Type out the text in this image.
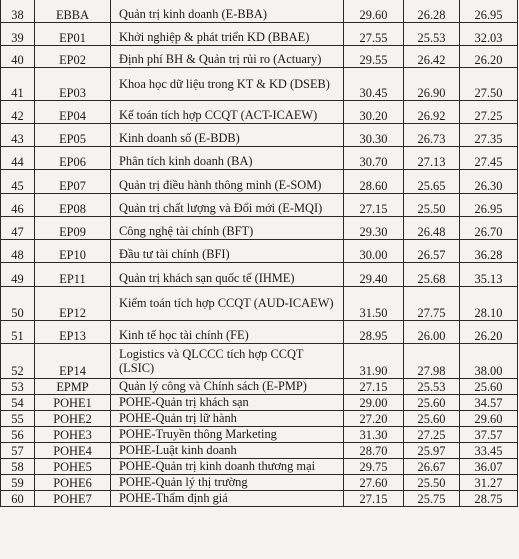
38	EBBA	Quản trị kinh doanh (E-BBA)	29.60	26.28	26.95
39	EP01	Khởi nghiệp & phát triển KD (BBAE)	27.55	25.53	32.03
40	EP02	Định phí BH & Quản trị rủi ro (Actuary)	29.55	26.42	26.20
41	EP03	Khoa học dữ liệu trong KT & KD (DSEB)	30.45	26.90	27.50
42	EP04	Kế toán tích hợp CCQT (ACT-ICAEW)	30.20	26.92	27.25
43	EP05	Kinh doanh số (E-BDB)	30.30	26.73	27.35
44	EP06	Phân tích kinh doanh (BA)	30.70	27.13	27.45
45	EP07	Quản trị điều hành thông minh (E-SOM)	28.60	25.65	26.30
46	EP08	Quản trị chất lượng và Đổi mới (E-MQI)	27.15	25.50	26.95
47	EP09	Công nghệ tài chính (BFT)	29.30	26.48	26.70
48	EP10	Đầu tư tài chính (BFI)	30.00	26.57	36.28
49	EP11	Quản trị khách sạn quốc tế (IHME)	29.40	25.68	35.13
50	EP12	Kiểm toán tích hợp CCQT (AUD-ICAEW)	31.50	27.75	28.10
51	EP13	Kinh tế học tài chính (FE)	28.95	26.00	26.20
52	EP14	Logistics và QLCCC tích hợp CCQT (LSIC)	31.90	27.98	38.00
53	EPMP	Quản lý công và Chính sách (E-PMP)	27.15	25.53	25.60
54	POHE1	POHE-Quản trị khách sạn	29.00	25.60	34.57
55	POHE2	POHE-Quản trị lữ hành	27.20	25.60	29.60
56	POHE3	POHE-Truyền thông Marketing	31.30	27.25	37.57
57	POHE4	POHE-Luật kinh doanh	28.70	25.97	33.45
58	POHE5	POHE-Quản trị kinh doanh thương mại	29.75	26.67	36.07
59	POHE6	POHE-Quản lý thị trường	27.60	25.50	31.27
60	POHE7	POHE-Thẩm định giá	27.15	25.75	28.75
